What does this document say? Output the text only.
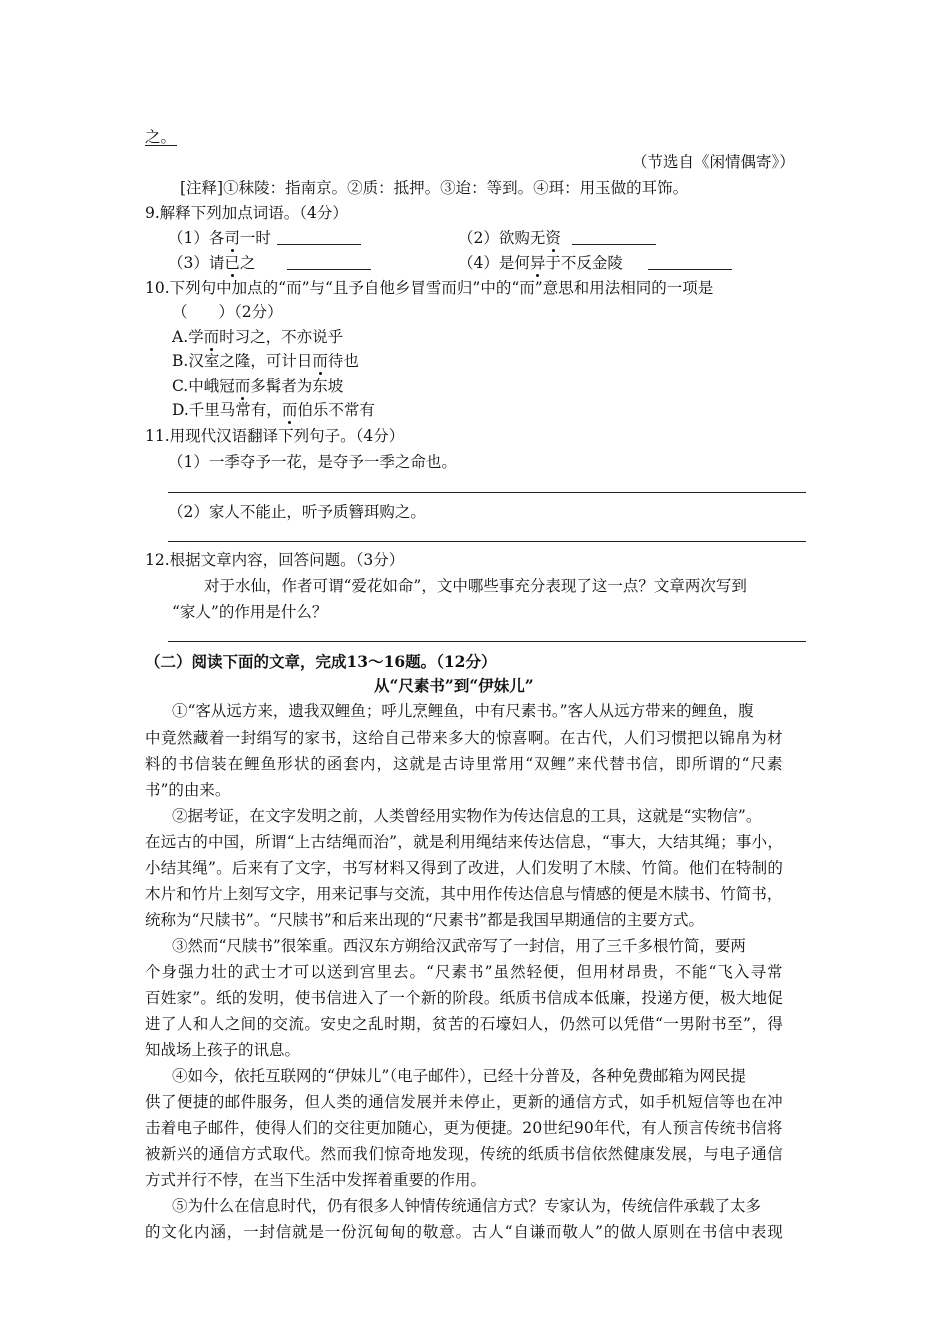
之。
（节选自《闲情偶寄》）
[注释]①秣陵：指南京。②质：抵押。③迨：等到。④珥：用玉做的耳饰。
9.解释下列加点词语。（4分）
（1）各司一时	（2）欲购无资
（3）请已之	（4）是何异于不反金陵
10.下列句中加点的“而”与“且予自他乡冒雪而归”中的“而”意思和用法相同的一项是
（　　）（2分）
A.学而时习之，不亦说乎
B.汉室之隆，可计日而待也
C.中峨冠而多髯者为东坡
D.千里马常有，而伯乐不常有
11.用现代汉语翻译下列句子。（4分）
（1）一季夺予一花，是夺予一季之命也。
（2）家人不能止，听予质簪珥购之。
12.根据文章内容，回答问题。（3分）
对于水仙，作者可谓“爱花如命”，文中哪些事充分表现了这一点？文章两次写到
“家人”的作用是什么？
（二）阅读下面的文章，完成13～16题。（12分）
从“尺素书”到“伊妹儿”
①“客从远方来，遗我双鲤鱼；呼儿烹鲤鱼，中有尺素书。”客人从远方带来的鲤鱼，腹
中 竟 然 藏 着 一 封 绢 写 的 家 书 ， 这 给 自 己 带 来 多 大 的 惊 喜 啊 。 在 古 代 ， 人 们 习 惯 把 以 锦 帛 为 材
料 的 书 信 装 在 鲤 鱼 形 状 的 函 套 内 ， 这 就 是 古 诗 里 常 用 “ 双 鲤 ” 来 代 替 书 信 ， 即 所 谓 的 “ 尺 素
书”的由来。
②据考证，在文字发明之前，人类曾经用实物作为传达信息的工具，这就是“实物信”。
在 远 古 的 中 国 ， 所 谓 “ 上 古 结 绳 而 治 ” ， 就 是 利 用 绳 结 来 传 达 信 息 ， “ 事 大 ， 大 结 其 绳 ； 事 小 ，
小 结 其 绳 ” 。 后 来 有 了 文 字 ， 书 写 材 料 又 得 到 了 改 进 ， 人 们 发 明 了 木 牍 、 竹 简 。 他 们 在 特 制 的
木 片 和 竹 片 上 刻 写 文 字 ， 用 来 记 事 与 交 流 ， 其 中 用 作 传 达 信 息 与 情 感 的 便 是 木 牍 书 、 竹 简 书 ，
统称为“尺牍书”。“尺牍书”和后来出现的“尺素书”都是我国早期通信的主要方式。
③然而“尺牍书”很笨重。西汉东方朔给汉武帝写了一封信，用了三千多根竹简，要两
个 身 强 力 壮 的 武 士 才 可 以 送 到 宫 里 去 。 “ 尺 素 书 ” 虽 然 轻 便 ， 但 用 材 昂 贵 ， 不 能 “ 飞 入 寻 常
百 姓 家 ” 。 纸 的 发 明 ， 使 书 信 进 入 了 一 个 新 的 阶 段 。 纸 质 书 信 成 本 低 廉 ， 投 递 方 便 ， 极 大 地 促
进 了 人 和 人 之 间 的 交 流 。 安 史 之 乱 时 期 ， 贫 苦 的 石 壕 妇 人 ， 仍 然 可 以 凭 借 “ 一 男 附 书 至 ” ， 得
知战场上孩子的讯息。
④如今，依托互联网的“伊妹儿”（电子邮件），已经十分普及，各种免费邮箱为网民提
供 了 便 捷 的 邮 件 服 务 ， 但 人 类 的 通 信 发 展 并 未 停 止 ， 更 新 的 通 信 方 式 ， 如 手 机 短 信 等 也 在 冲
击 着 电 子 邮 件 ， 使 得 人 们 的 交 往 更 加 随 心 ， 更 为 便 捷 。 2 0 世 纪 9 0 年 代 ， 有 人 预 言 传 统 书 信 将
被 新 兴 的 通 信 方 式 取 代 。 然 而 我 们 惊 奇 地 发 现 ， 传 统 的 纸 质 书 信 依 然 健 康 发 展 ， 与 电 子 通 信
方式并行不悖，在当下生活中发挥着重要的作用。
⑤为什么在信息时代，仍有很多人钟情传统通信方式？专家认为，传统信件承载了太多
的 文 化 内 涵 ， 一 封 信 就 是 一 份 沉 甸 甸 的 敬 意 。 古 人 “ 自 谦 而 敬 人 ” 的 做 人 原 则 在 书 信 中 表 现
